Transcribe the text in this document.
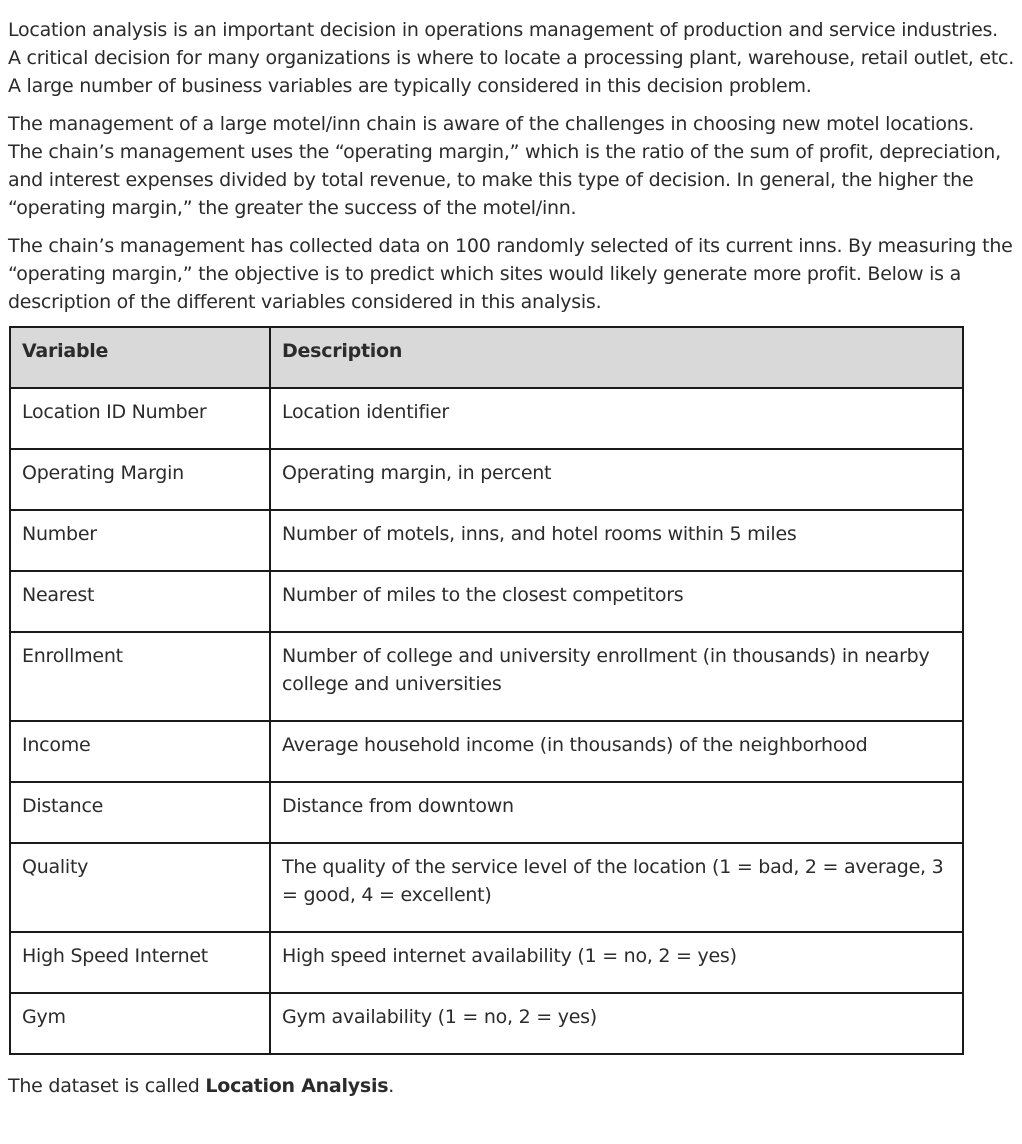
Location analysis is an important decision in operations management of production and service industries. A critical decision for many organizations is where to locate a processing plant, warehouse, retail outlet, etc. A large number of business variables are typically considered in this decision problem.

The management of a large motel/inn chain is aware of the challenges in choosing new motel locations. The chain’s management uses the “operating margin,” which is the ratio of the sum of profit, depreciation, and interest expenses divided by total revenue, to make this type of decision. In general, the higher the “operating margin,” the greater the success of the motel/inn.

The chain’s management has collected data on 100 randomly selected of its current inns. By measuring the “operating margin,” the objective is to predict which sites would likely generate more profit. Below is a description of the different variables considered in this analysis.

Variable	Description
Location ID Number	Location identifier
Operating Margin	Operating margin, in percent
Number	Number of motels, inns, and hotel rooms within 5 miles
Nearest	Number of miles to the closest competitors
Enrollment	Number of college and university enrollment (in thousands) in nearby college and universities
Income	Average household income (in thousands) of the neighborhood
Distance	Distance from downtown
Quality	The quality of the service level of the location (1 = bad, 2 = average, 3 = good, 4 = excellent)
High Speed Internet	High speed internet availability (1 = no, 2 = yes)
Gym	Gym availability (1 = no, 2 = yes)
The dataset is called Location Analysis.
